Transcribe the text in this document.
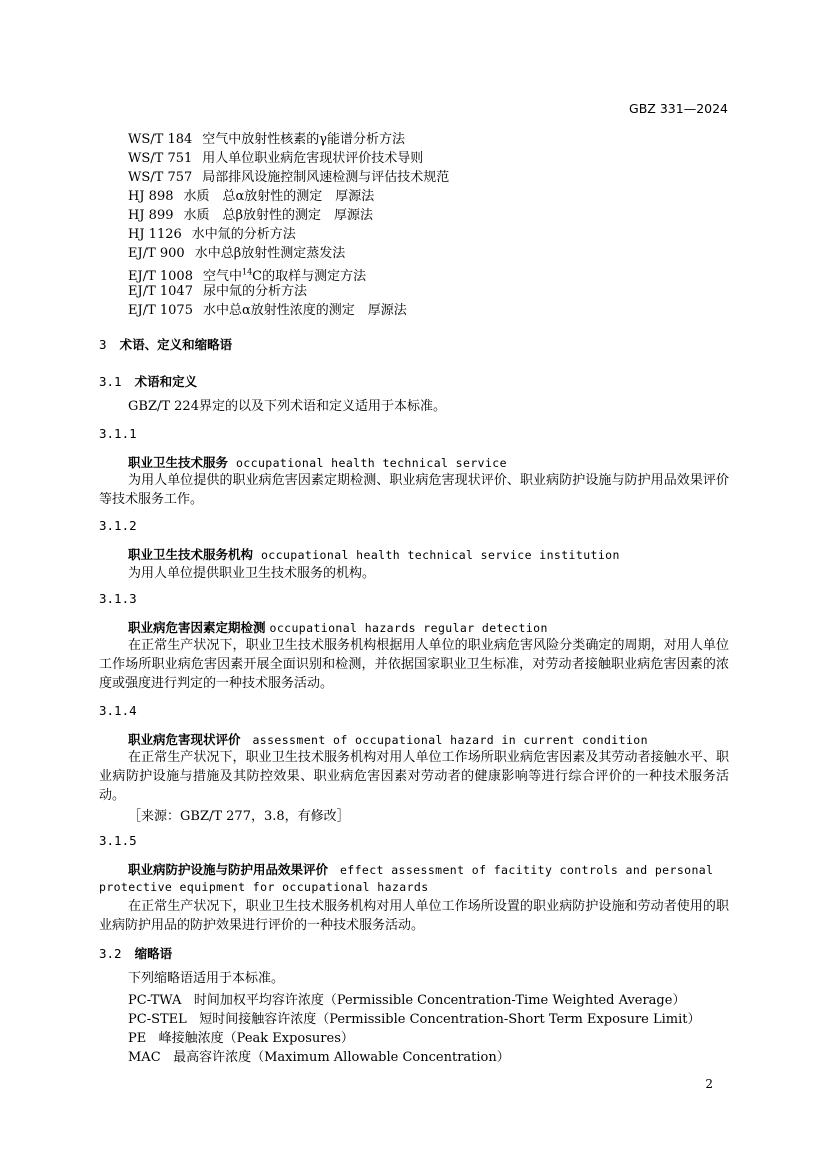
GBZ 331—2024
WS/T 184 空气中放射性核素的γ能谱分析方法
WS/T 751 用人单位职业病危害现状评价技术导则
WS/T 757 局部排风设施控制风速检测与评估技术规范
HJ 898 水质　总α放射性的测定　厚源法
HJ 899 水质　总β放射性的测定　厚源法
HJ 1126 水中氚的分析方法
EJ/T 900 水中总β放射性测定蒸发法
EJ/T 1008 空气中$^{14}$C的取样与测定方法
EJ/T 1047 尿中氚的分析方法
EJ/T 1075 水中总α放射性浓度的测定　厚源法
3 术语、定义和缩略语
3.1 术语和定义
GBZ/T 224界定的以及下列术语和定义适用于本标准。
3.1.1
职业卫生技术服务 occupational health technical service
为用人单位提供的职业病危害因素定期检测、职业病危害现状评价、职业病防护设施与防护用品效果评价等技术服务工作。
3.1.2
职业卫生技术服务机构 occupational health technical service institution
为用人单位提供职业卫生技术服务的机构。
3.1.3
职业病危害因素定期检测 occupational hazards regular detection
在正常生产状况下，职业卫生技术服务机构根据用人单位的职业病危害风险分类确定的周期，对用人单位工作场所职业病危害因素开展全面识别和检测，并依据国家职业卫生标准，对劳动者接触职业病危害因素的浓度或强度进行判定的一种技术服务活动。
3.1.4
职业病危害现状评价 assessment of occupational hazard in current condition
在正常生产状况下，职业卫生技术服务机构对用人单位工作场所职业病危害因素及其劳动者接触水平、职业病防护设施与措施及其防控效果、职业病危害因素对劳动者的健康影响等进行综合评价的一种技术服务活动。
［来源：GBZ/T 277，3.8，有修改］
3.1.5
职业病防护设施与防护用品效果评价 effect assessment of facitity controls and personal
protective equipment for occupational hazards
在正常生产状况下，职业卫生技术服务机构对用人单位工作场所设置的职业病防护设施和劳动者使用的职业病防护用品的防护效果进行评价的一种技术服务活动。
3.2 缩略语
下列缩略语适用于本标准。
PC-TWA 时间加权平均容许浓度（Permissible Concentration-Time Weighted Average）
PC-STEL 短时间接触容许浓度（Permissible Concentration-Short Term Exposure Limit）
PE 峰接触浓度（Peak Exposures）
MAC 最高容许浓度（Maximum Allowable Concentration）
2
